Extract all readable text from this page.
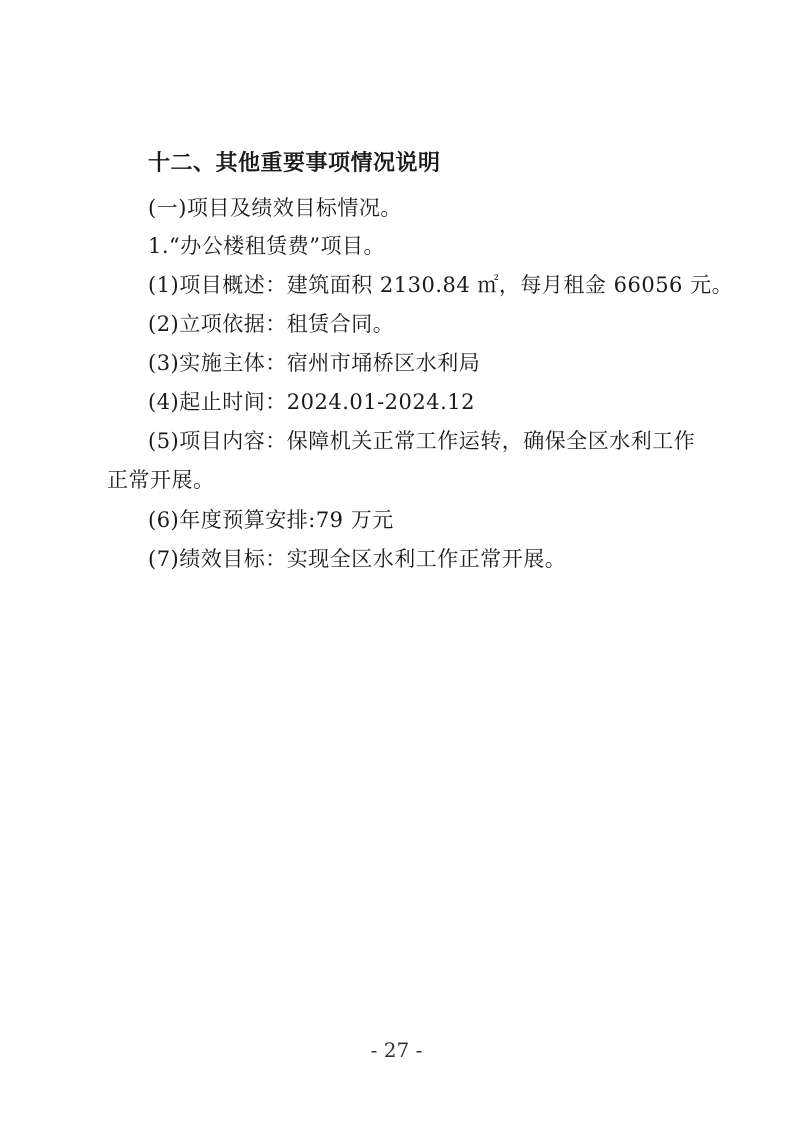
十二、其他重要事项情况说明
(一)项目及绩效目标情况。
1.“办公楼租赁费”项目。
(1)项目概述：建筑面积 2130.84 ㎡，每月租金 66056 元。
(2)立项依据：租赁合同。
(3)实施主体：宿州市埇桥区水利局
(4)起止时间：2024.01-2024.12
(5)项目内容：保障机关正常工作运转，确保全区水利工作
正常开展。
(6)年度预算安排:79 万元
(7)绩效目标：实现全区水利工作正常开展。
- 27 -
